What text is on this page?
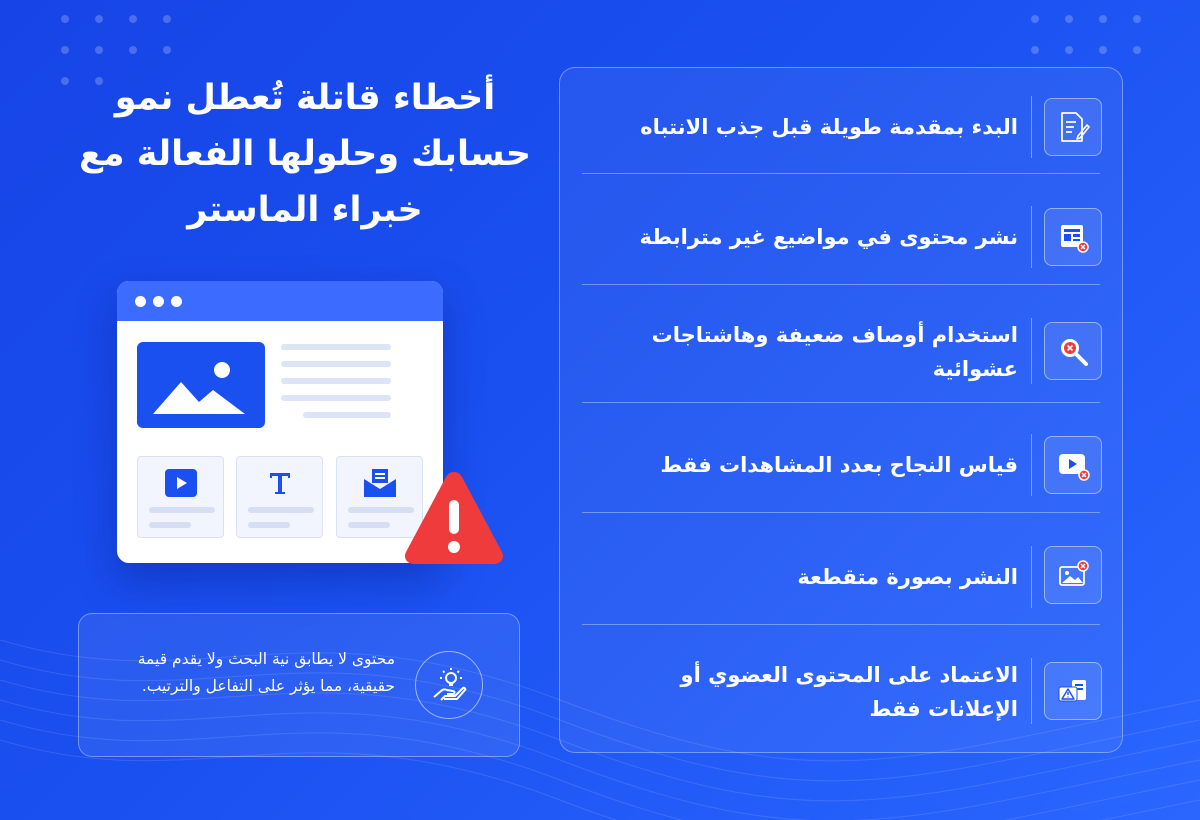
أخطاء قاتلة تُعطل نمو حسابك وحلولها الفعالة مع خبراء الماستر

محتوى لا يطابق نية البحث ولا يقدم قيمة حقيقية، مما يؤثر على التفاعل والترتيب.

البدء بمقدمة طويلة قبل جذب الانتباه
نشر محتوى في مواضيع غير مترابطة
استخدام أوصاف ضعيفة وهاشتاجات عشوائية
قياس النجاح بعدد المشاهدات فقط
النشر بصورة متقطعة
الاعتماد على المحتوى العضوي أو الإعلانات فقط
